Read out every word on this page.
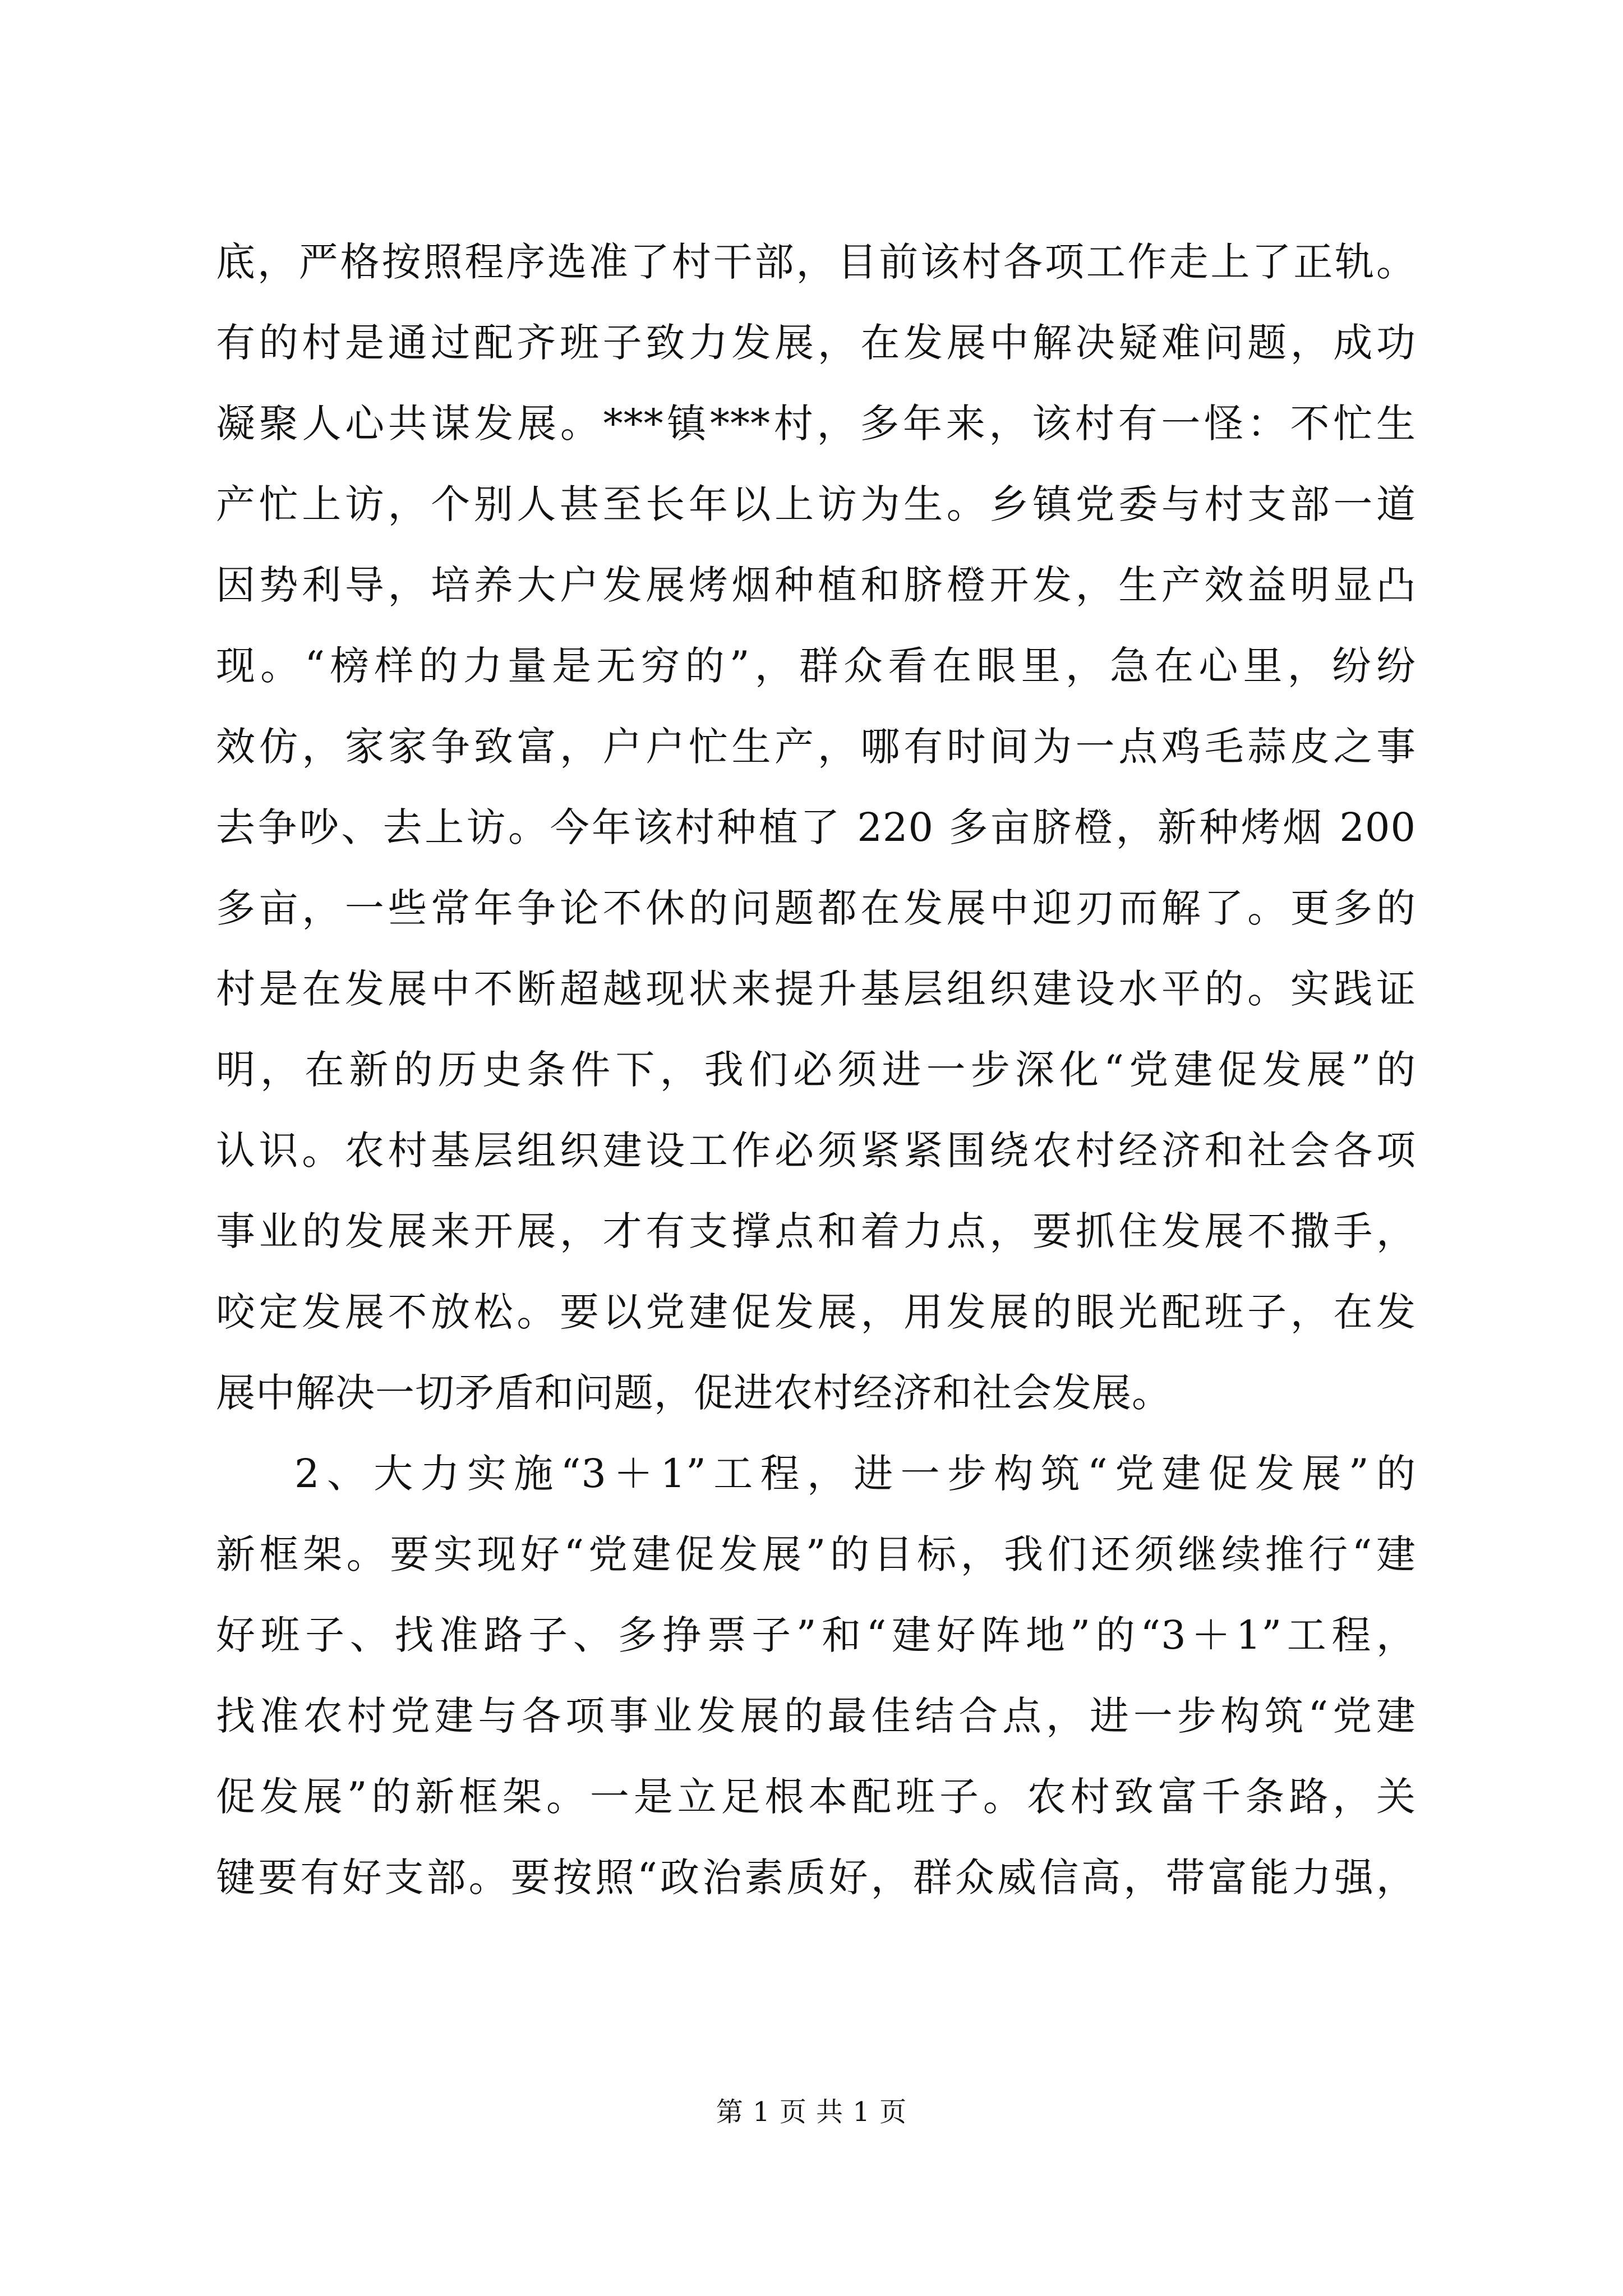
底，严格按照程序选准了村干部，目前该村各项工作走上了正轨。
有的村是通过配齐班子致力发展，在发展中解决疑难问题，成功
凝聚人心共谋发展。***镇***村，多年来，该村有一怪：不忙生
产忙上访，个别人甚至长年以上访为生。乡镇党委与村支部一道
因势利导，培养大户发展烤烟种植和脐橙开发，生产效益明显凸
现。“榜样的力量是无穷的”，群众看在眼里，急在心里，纷纷
效仿，家家争致富，户户忙生产，哪有时间为一点鸡毛蒜皮之事
去争吵、去上访。今年该村种植了 220 多亩脐橙，新种烤烟 200
多亩，一些常年争论不休的问题都在发展中迎刃而解了。更多的
村是在发展中不断超越现状来提升基层组织建设水平的。实践证
明，在新的历史条件下，我们必须进一步深化“党建促发展”的
认识。农村基层组织建设工作必须紧紧围绕农村经济和社会各项
事业的发展来开展，才有支撑点和着力点，要抓住发展不撒手，
咬定发展不放松。要以党建促发展，用发展的眼光配班子，在发
展中解决一切矛盾和问题，促进农村经济和社会发展。
2、大力实施“3＋1”工程，进一步构筑“党建促发展”的
新框架。要实现好“党建促发展”的目标，我们还须继续推行“建
好班子、找准路子、多挣票子”和“建好阵地”的“3＋1”工程，
找准农村党建与各项事业发展的最佳结合点，进一步构筑“党建
促发展”的新框架。一是立足根本配班子。农村致富千条路，关
键要有好支部。要按照“政治素质好，群众威信高，带富能力强，
第 1 页 共 1 页
